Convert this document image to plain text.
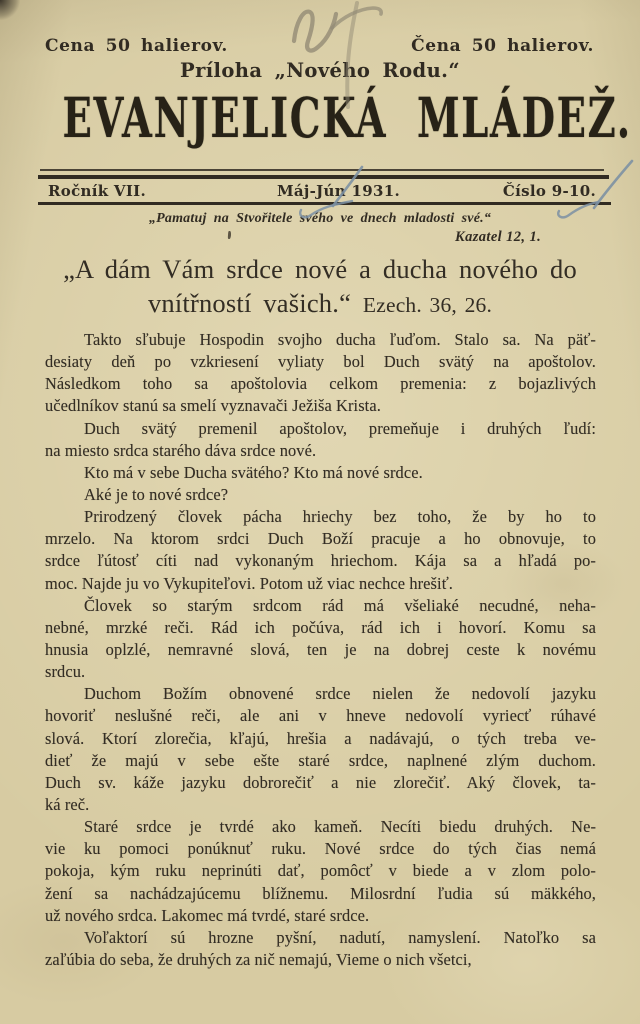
Cena 50 halierov.	Čena 50 halierov.
Príloha „Nového Rodu.“
EVANJELICKÁ MLÁDEŽ.
Ročník VII.	Máj-Jún 1931.	Číslo 9-10.
„Pamatuj na Stvořitele svého ve dnech mladosti své.“
Kazatel 12, 1.
„A dám Vám srdce nové a ducha nového do
vnítřností vašich.“ Ezech. 36, 26.
Takto sľubuje Hospodin svojho ducha ľuďom. Stalo sa. Na päť-
desiaty deň po vzkriesení vyliaty bol Duch svätý na apoštolov.
Následkom toho sa apoštolovia celkom premenia: z bojazlivých
učedlníkov stanú sa smelí vyznavači Ježiša Krista.
Duch svätý premenil apoštolov, premeňuje i druhých ľudí:
na miesto srdca starého dáva srdce nové.
Kto má v sebe Ducha svätého? Kto má nové srdce.
Aké je to nové srdce?
Prirodzený človek pácha hriechy bez toho, že by ho to
mrzelo. Na ktorom srdci Duch Boží pracuje a ho obnovuje, to
srdce ľútosť cíti nad vykonaným hriechom. Kája sa a hľadá po-
moc. Najde ju vo Vykupiteľovi. Potom už viac nechce hrešiť.
Človek so starým srdcom rád má všeliaké necudné, neha-
nebné, mrzké reči. Rád ich počúva, rád ich i hovorí. Komu sa
hnusia oplzlé, nemravné slová, ten je na dobrej ceste k novému
srdcu.
Duchom Božím obnovené srdce nielen že nedovolí jazyku
hovoriť neslušné reči, ale ani v hneve nedovolí vyriecť rúhavé
slová. Ktorí zlorečia, kľajú, hrešia a nadávajú, o tých treba ve-
dieť že majú v sebe ešte staré srdce, naplnené zlým duchom.
Duch sv. káže jazyku dobrorečiť a nie zlorečiť. Aký človek, ta-
ká reč.
Staré srdce je tvrdé ako kameň. Necíti biedu druhých. Ne-
vie ku pomoci ponúknuť ruku. Nové srdce do tých čias nemá
pokoja, kým ruku neprinúti dať, pomôcť v biede a v zlom polo-
žení sa nachádzajúcemu blížnemu. Milosrdní ľudia sú mäkkého,
už nového srdca. Lakomec má tvrdé, staré srdce.
Voľaktorí sú hrozne pyšní, nadutí, namyslení. Natoľko sa
zaľúbia do seba, že druhých za nič nemajú, Vieme o nich všetci,
